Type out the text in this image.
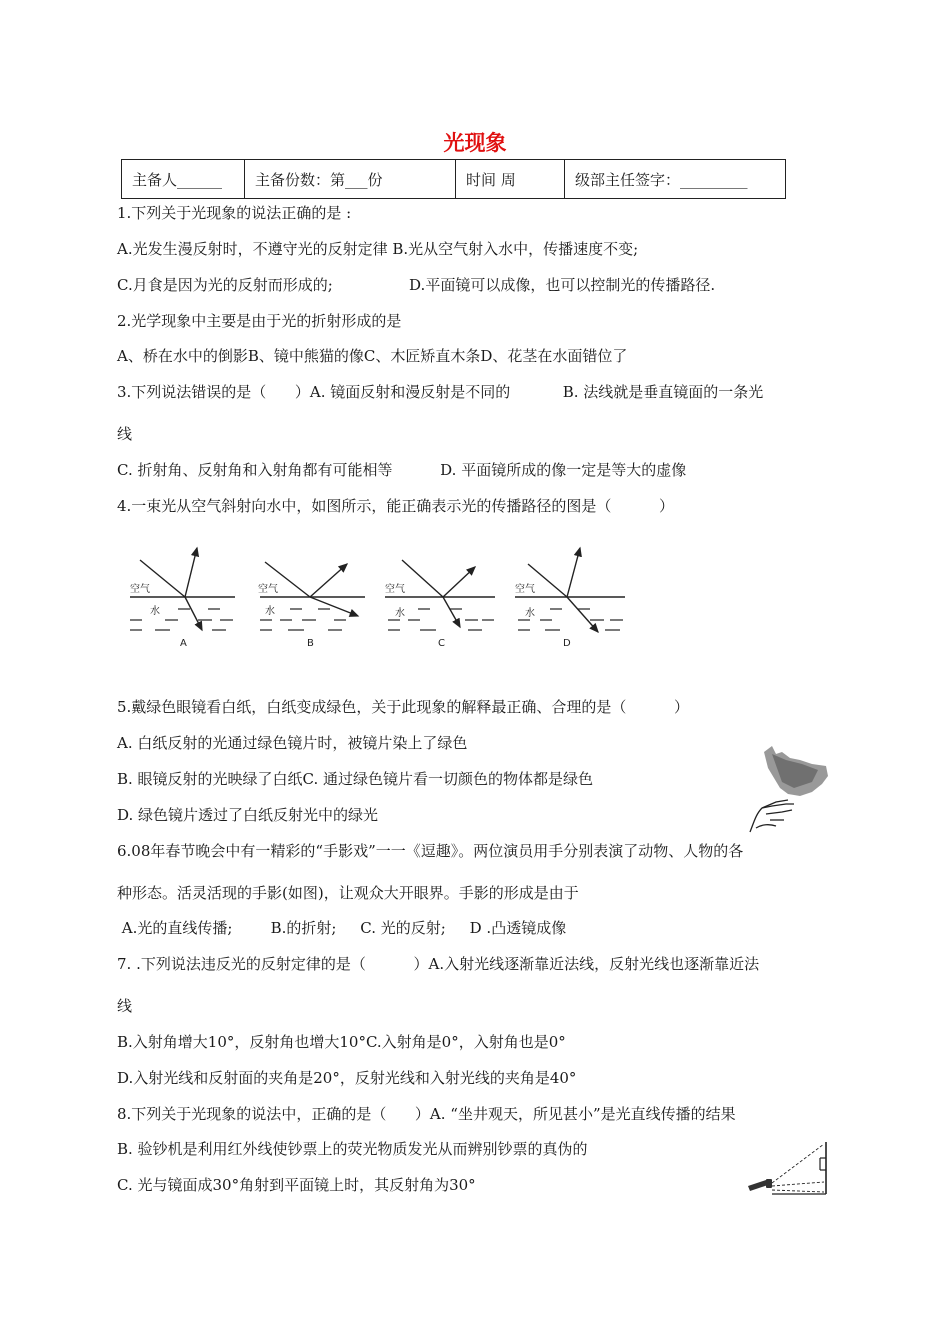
光现象
主备人______	主备份数：第___份	时间 周	级部主任签字：_________
1.下列关于光现象的说法正确的是 :
A.光发生漫反射时，不遵守光的反射定律 B.光从空气射入水中，传播速度不变;
C.月食是因为光的反射而形成的;                D.平面镜可以成像，也可以控制光的传播路径.
2.光学现象中主要是由于光的折射形成的是
A、桥在水中的倒影B、镜中熊猫的像C、木匠矫直木条D、花茎在水面错位了
3.下列说法错误的是（      ）A. 镜面反射和漫反射是不同的           B. 法线就是垂直镜面的一条光
线
C. 折射角、反射角和入射角都有可能相等          D. 平面镜所成的像一定是等大的虚像
4.一束光从空气斜射向水中，如图所示，能正确表示光的传播路径的图是（          ）
空气
水
空气
水
空气
水
空气
水
A	B	C	D
5.戴绿色眼镜看白纸，白纸变成绿色，关于此现象的解释最正确、合理的是（          ）
A. 白纸反射的光通过绿色镜片时，被镜片染上了绿色
B. 眼镜反射的光映绿了白纸C. 通过绿色镜片看一切颜色的物体都是绿色
D. 绿色镜片透过了白纸反射光中的绿光
6.08年春节晚会中有一精彩的“手影戏”一一《逗趣》。两位演员用手分别表演了动物、人物的各
种形态。活灵活现的手影(如图)，让观众大开眼界。手影的形成是由于
A.光的直线传播;        B.的折射;     C. 光的反射;     D .凸透镜成像
7. .下列说法违反光的反射定律的是（          ）A.入射光线逐渐靠近法线，反射光线也逐渐靠近法
线
B.入射角增大10°，反射角也增大10°C.入射角是0°，入射角也是0°
D.入射光线和反射面的夹角是20°，反射光线和入射光线的夹角是40°
8.下列关于光现象的说法中，正确的是（      ）A. “坐井观天，所见甚小”是光直线传播的结果
B. 验钞机是利用红外线使钞票上的荧光物质发光从而辨别钞票的真伪的
C. 光与镜面成30°角射到平面镜上时，其反射角为30°
